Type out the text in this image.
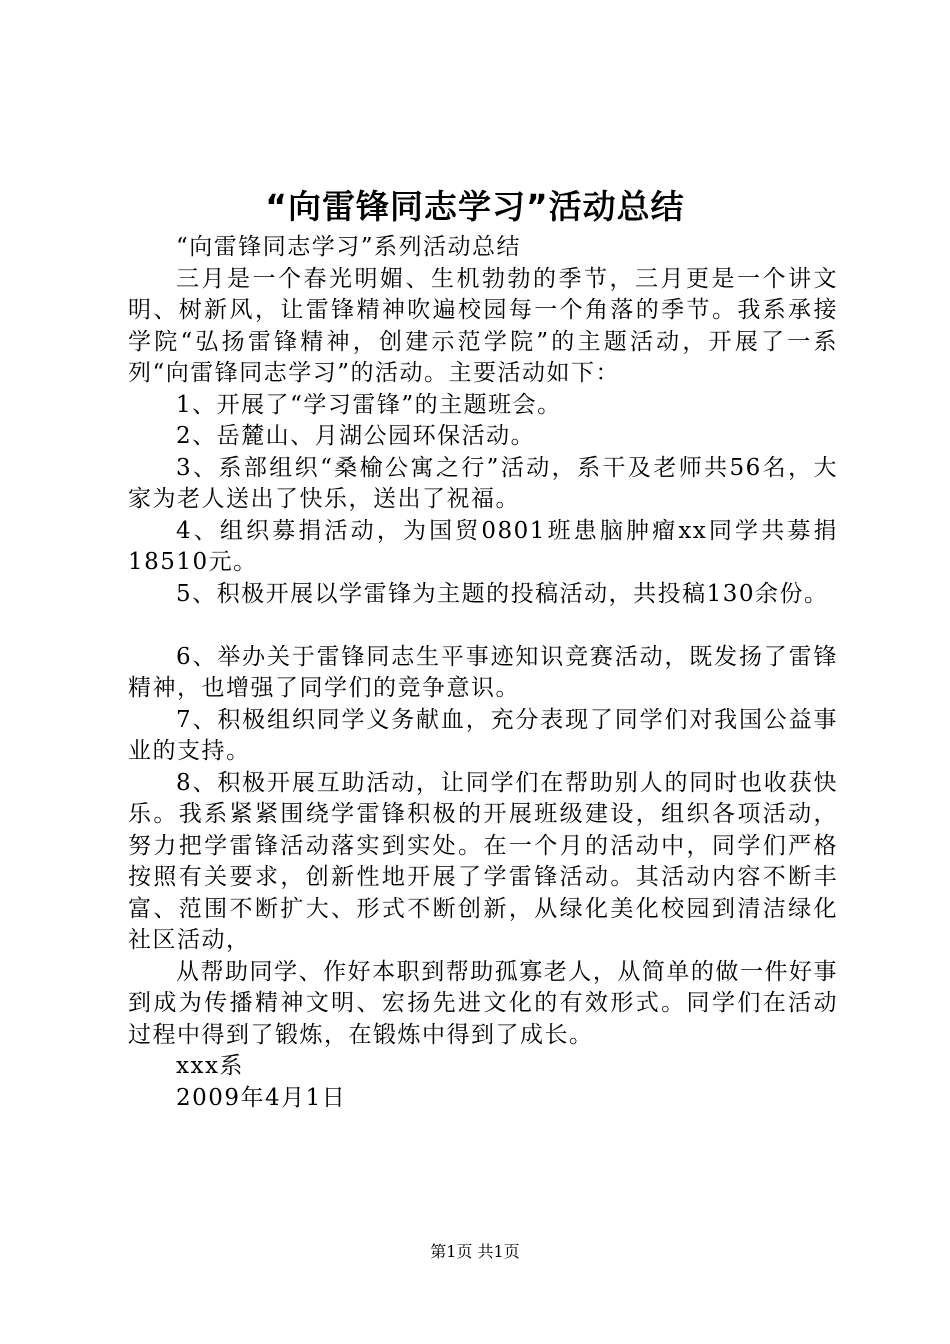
“向雷锋同志学习”活动总结

“向雷锋同志学习”系列活动总结

三月是一个春光明媚、生机勃勃的季节，三月更是一个讲文明、树新风，让雷锋精神吹遍校园每一个角落的季节。我系承接学院“弘扬雷锋精神，创建示范学院”的主题活动，开展了一系列“向雷锋同志学习”的活动。主要活动如下：

1、开展了“学习雷锋”的主题班会。

2、岳麓山、月湖公园环保活动。

3、系部组织“桑榆公寓之行”活动，系干及老师共56名，大家为老人送出了快乐，送出了祝福。

4、组织募捐活动，为国贸0801班患脑肿瘤xx同学共募捐18510元。

5、积极开展以学雷锋为主题的投稿活动，共投稿130余份。

6、举办关于雷锋同志生平事迹知识竞赛活动，既发扬了雷锋精神，也增强了同学们的竞争意识。

7、积极组织同学义务献血，充分表现了同学们对我国公益事业的支持。

8、积极开展互助活动，让同学们在帮助别人的同时也收获快乐。我系紧紧围绕学雷锋积极的开展班级建设，组织各项活动，努力把学雷锋活动落实到实处。在一个月的活动中，同学们严格按照有关要求，创新性地开展了学雷锋活动。其活动内容不断丰富、范围不断扩大、形式不断创新，从绿化美化校园到清洁绿化社区活动，

从帮助同学、作好本职到帮助孤寡老人，从简单的做一件好事到成为传播精神文明、宏扬先进文化的有效形式。同学们在活动过程中得到了锻炼，在锻炼中得到了成长。

xxx系

2009年4月1日

第1页 共1页
